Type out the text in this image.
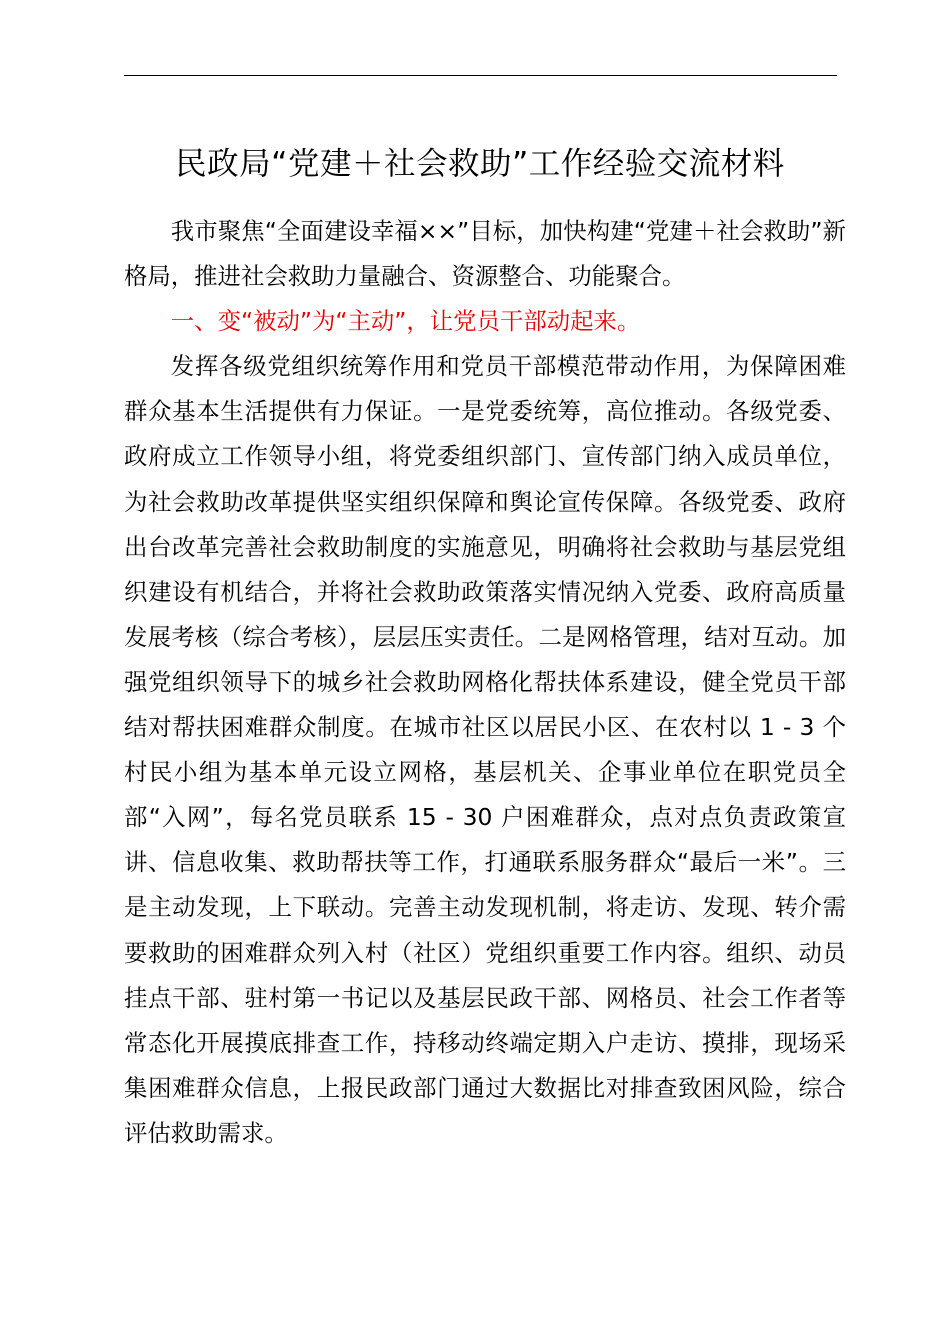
民政局“党建＋社会救助”工作经验交流材料

我市聚焦“全面建设幸福××”目标，加快构建“党建＋社会救助”新格局，推进社会救助力量融合、资源整合、功能聚合。

一、变“被动”为“主动”，让党员干部动起来。

发挥各级党组织统筹作用和党员干部模范带动作用，为保障困难群众基本生活提供有力保证。一是党委统筹，高位推动。各级党委、政府成立工作领导小组，将党委组织部门、宣传部门纳入成员单位，为社会救助改革提供坚实组织保障和舆论宣传保障。各级党委、政府出台改革完善社会救助制度的实施意见，明确将社会救助与基层党组织建设有机结合，并将社会救助政策落实情况纳入党委、政府高质量发展考核（综合考核），层层压实责任。二是网格管理，结对互动。加强党组织领导下的城乡社会救助网格化帮扶体系建设，健全党员干部结对帮扶困难群众制度。在城市社区以居民小区、在农村以 1 - 3 个村民小组为基本单元设立网格，基层机关、企事业单位在职党员全部“入网”，每名党员联系 15 - 30 户困难群众，点对点负责政策宣讲、信息收集、救助帮扶等工作，打通联系服务群众“最后一米”。三是主动发现，上下联动。完善主动发现机制，将走访、发现、转介需要救助的困难群众列入村（社区）党组织重要工作内容。组织、动员挂点干部、驻村第一书记以及基层民政干部、网格员、社会工作者等常态化开展摸底排查工作，持移动终端定期入户走访、摸排，现场采集困难群众信息，上报民政部门通过大数据比对排查致困风险，综合评估救助需求。
